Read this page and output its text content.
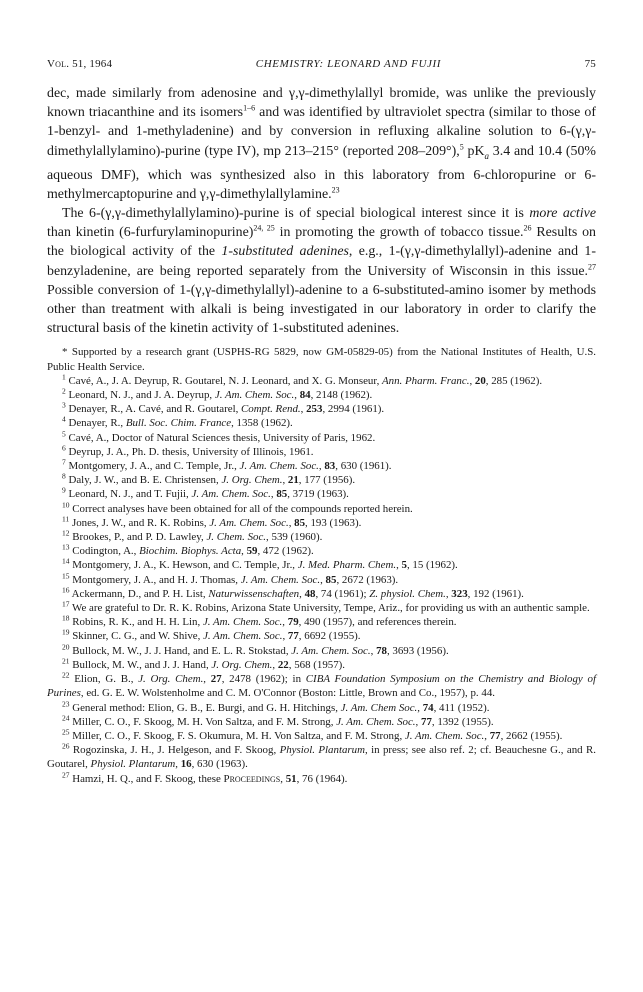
Vol. 51, 1964	CHEMISTRY: LEONARD AND FUJII	75

dec, made similarly from adenosine and γ,γ-dimethylallyl bromide, was unlike the previously known triacanthine and its isomers$^{1-6}$ and was identified by ultraviolet spectra (similar to those of 1-benzyl- and 1-methyladenine) and by conversion in refluxing alkaline solution to 6-(γ,γ-dimethylallylamino)-purine (type IV), mp 213–215° (reported 208–209°),$^5$ $pK_a$ 3.4 and 10.4 (50% aqueous DMF), which was synthesized also in this laboratory from 6-chloropurine or 6-methylmercaptopurine and γ,γ-dimethylallylamine.$^{23}$

The 6-(γ,γ-dimethylallylamino)-purine is of special biological interest since it is more active than kinetin (6-furfurylaminopurine)$^{24, 25}$ in promoting the growth of tobacco tissue.$^{26}$ Results on the biological activity of the 1-substituted adenines, e.g., 1-(γ,γ-dimethylallyl)-adenine and 1-benzyladenine, are being reported separately from the University of Wisconsin in this issue.$^{27}$ Possible conversion of 1-(γ,γ-dimethylallyl)-adenine to a 6-substituted-amino isomer by methods other than treatment with alkali is being investigated in our laboratory in order to clarify the structural basis of the kinetin activity of 1-substituted adenines.

* Supported by a research grant (USPHS-RG 5829, now GM-05829-05) from the National Institutes of Health, U.S. Public Health Service.

$^1$ Cavé, A., J. A. Deyrup, R. Goutarel, N. J. Leonard, and X. G. Monseur, Ann. Pharm. Franc., 20, 285 (1962).

$^2$ Leonard, N. J., and J. A. Deyrup, J. Am. Chem. Soc., 84, 2148 (1962).

$^3$ Denayer, R., A. Cavé, and R. Goutarel, Compt. Rend., 253, 2994 (1961).

$^4$ Denayer, R., Bull. Soc. Chim. France, 1358 (1962).

$^5$ Cavé, A., Doctor of Natural Sciences thesis, University of Paris, 1962.

$^6$ Deyrup, J. A., Ph. D. thesis, University of Illinois, 1961.

$^7$ Montgomery, J. A., and C. Temple, Jr., J. Am. Chem. Soc., 83, 630 (1961).

$^8$ Daly, J. W., and B. E. Christensen, J. Org. Chem., 21, 177 (1956).

$^9$ Leonard, N. J., and T. Fujii, J. Am. Chem. Soc., 85, 3719 (1963).

$^{10}$ Correct analyses have been obtained for all of the compounds reported herein.

$^{11}$ Jones, J. W., and R. K. Robins, J. Am. Chem. Soc., 85, 193 (1963).

$^{12}$ Brookes, P., and P. D. Lawley, J. Chem. Soc., 539 (1960).

$^{13}$ Codington, A., Biochim. Biophys. Acta, 59, 472 (1962).

$^{14}$ Montgomery, J. A., K. Hewson, and C. Temple, Jr., J. Med. Pharm. Chem., 5, 15 (1962).

$^{15}$ Montgomery, J. A., and H. J. Thomas, J. Am. Chem. Soc., 85, 2672 (1963).

$^{16}$ Ackermann, D., and P. H. List, Naturwissenschaften, 48, 74 (1961); Z. physiol. Chem., 323, 192 (1961).

$^{17}$ We are grateful to Dr. R. K. Robins, Arizona State University, Tempe, Ariz., for providing us with an authentic sample.

$^{18}$ Robins, R. K., and H. H. Lin, J. Am. Chem. Soc., 79, 490 (1957), and references therein.

$^{19}$ Skinner, C. G., and W. Shive, J. Am. Chem. Soc., 77, 6692 (1955).

$^{20}$ Bullock, M. W., J. J. Hand, and E. L. R. Stokstad, J. Am. Chem. Soc., 78, 3693 (1956).

$^{21}$ Bullock, M. W., and J. J. Hand, J. Org. Chem., 22, 568 (1957).

$^{22}$ Elion, G. B., J. Org. Chem., 27, 2478 (1962); in CIBA Foundation Symposium on the Chemistry and Biology of Purines, ed. G. E. W. Wolstenholme and C. M. O'Connor (Boston: Little, Brown and Co., 1957), p. 44.

$^{23}$ General method: Elion, G. B., E. Burgi, and G. H. Hitchings, J. Am. Chem Soc., 74, 411 (1952).

$^{24}$ Miller, C. O., F. Skoog, M. H. Von Saltza, and F. M. Strong, J. Am. Chem. Soc., 77, 1392 (1955).

$^{25}$ Miller, C. O., F. Skoog, F. S. Okumura, M. H. Von Saltza, and F. M. Strong, J. Am. Chem. Soc., 77, 2662 (1955).

$^{26}$ Rogozinska, J. H., J. Helgeson, and F. Skoog, Physiol. Plantarum, in press; see also ref. 2; cf. Beauchesne G., and R. Goutarel, Physiol. Plantarum, 16, 630 (1963).

$^{27}$ Hamzi, H. Q., and F. Skoog, these Proceedings, 51, 76 (1964).
